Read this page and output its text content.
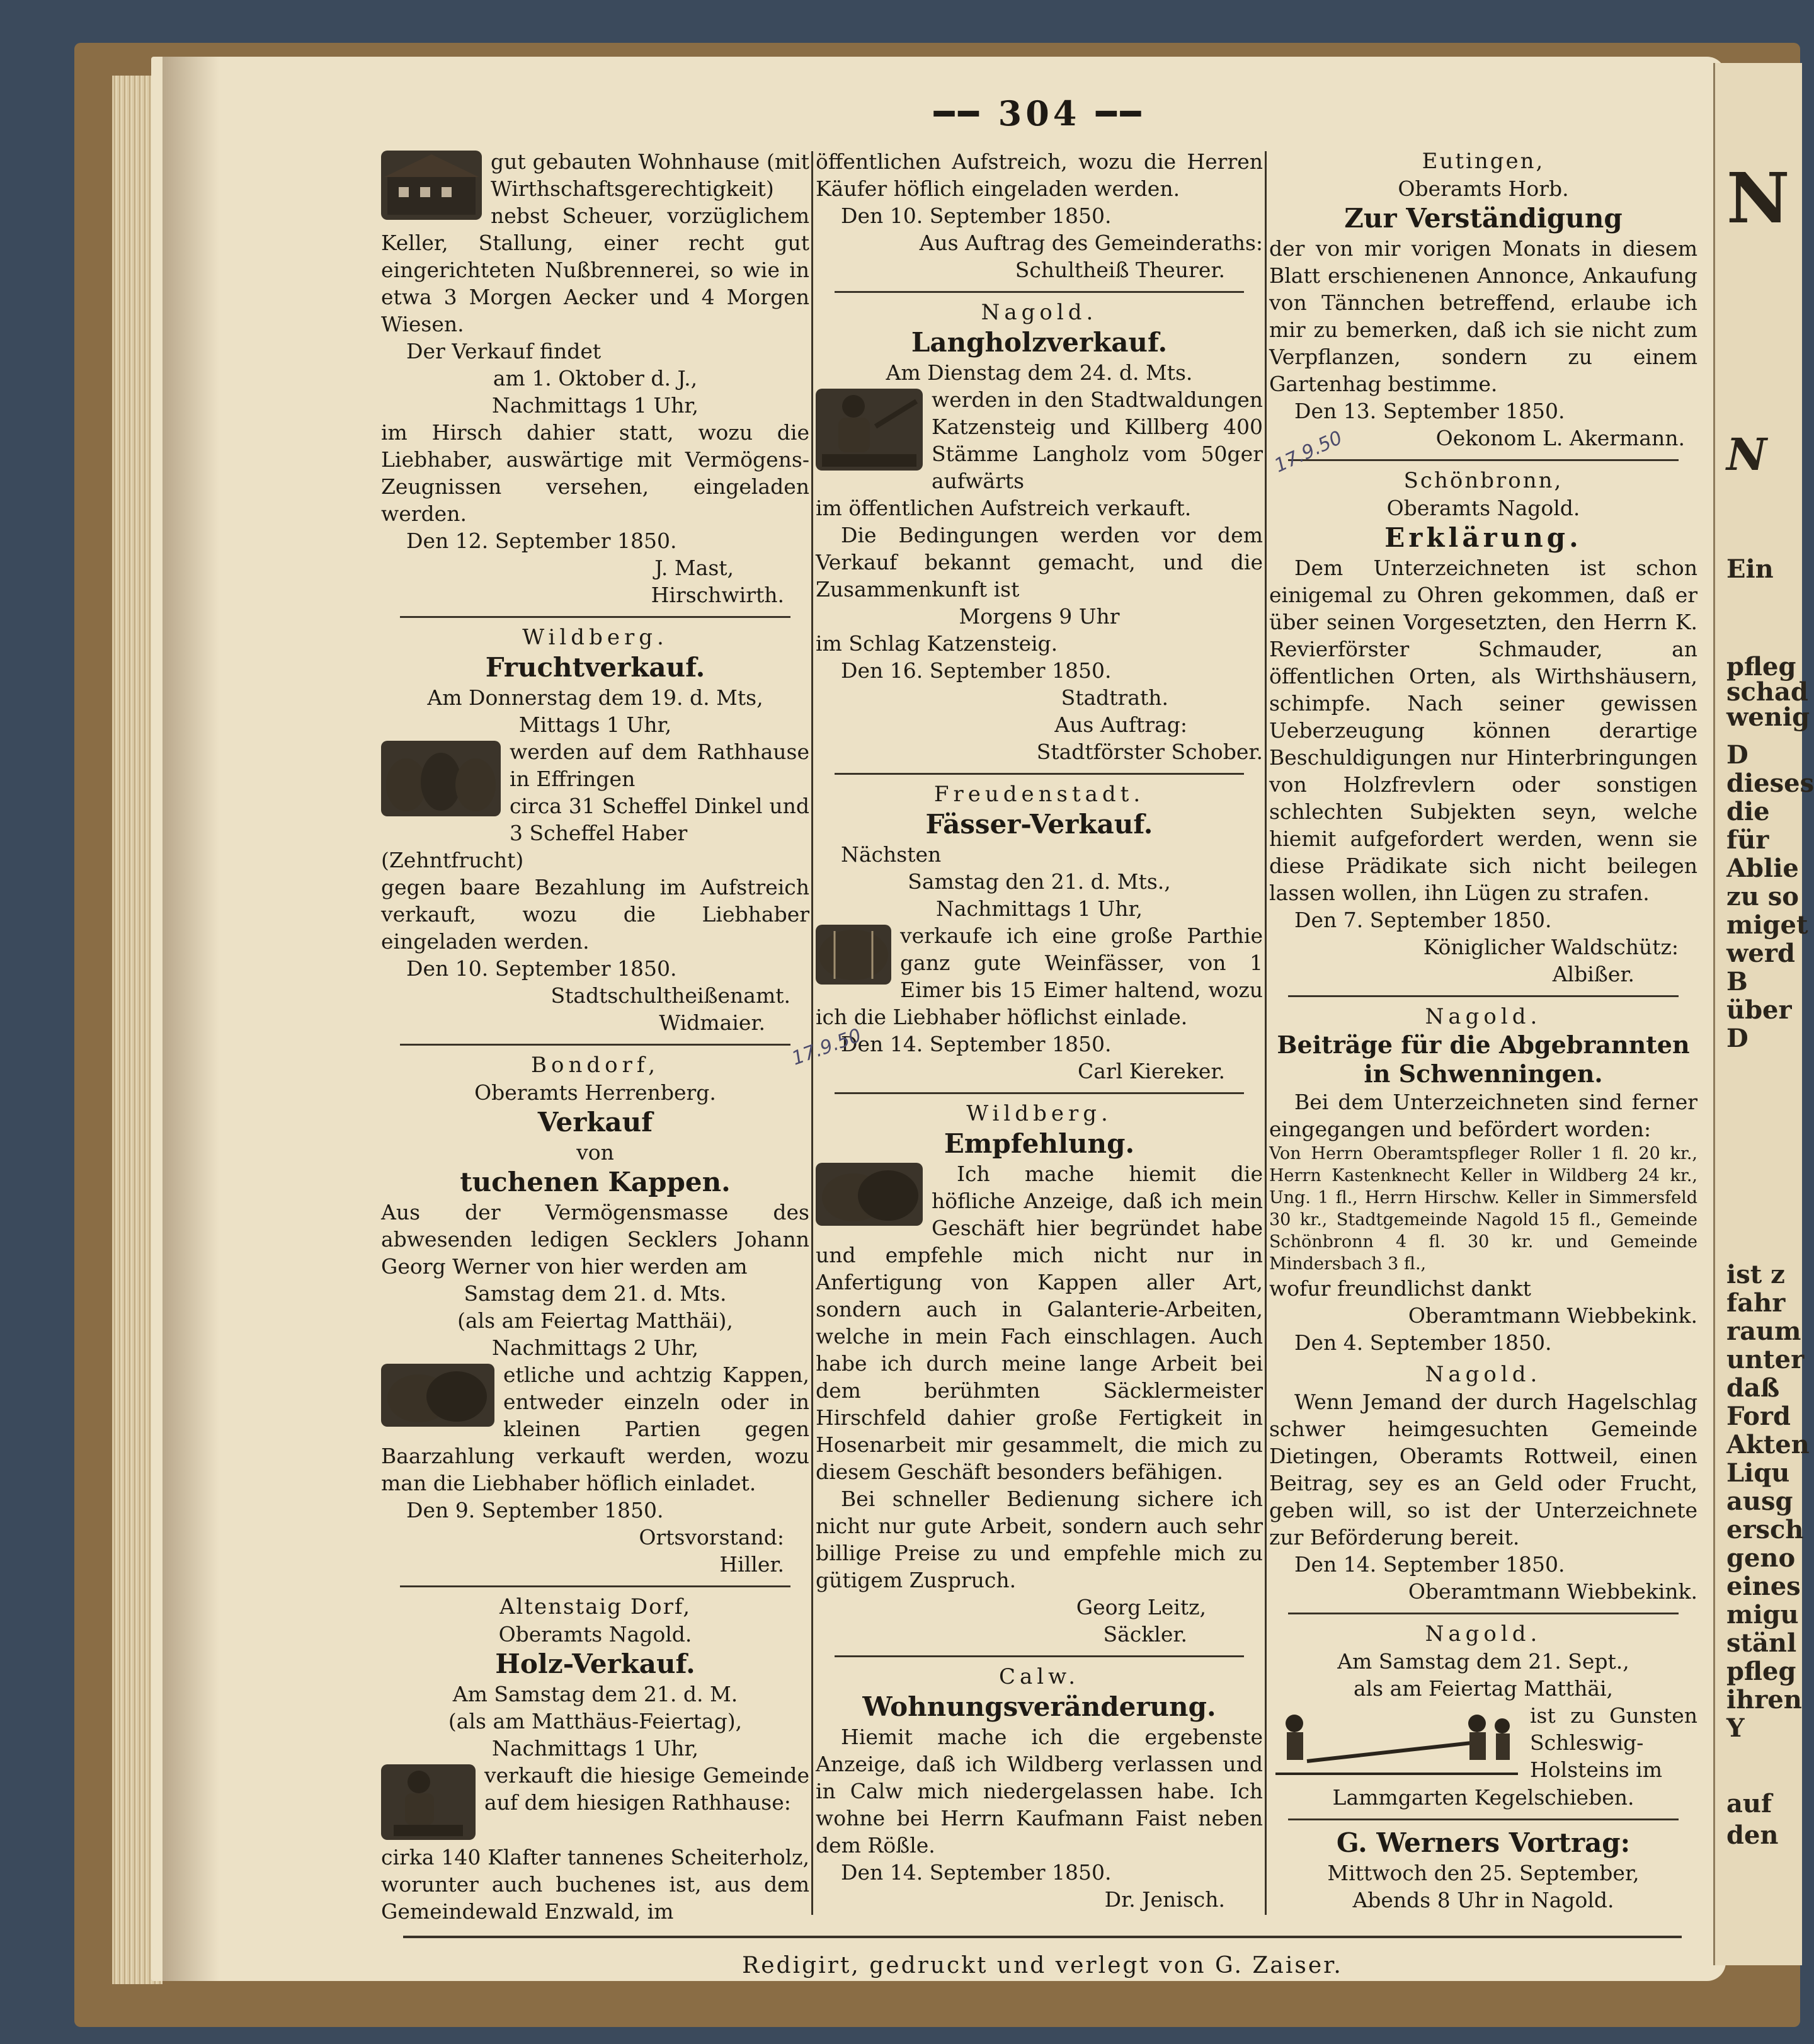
N
N
Ein
pfleg
schad
wenig
D
dieses
die
für
Ablie
zu so
miget
werd
B
über
D
ist z
fahr
raum
unter
daß
Ford
Akten
Liqu
ausg
ersch
geno
eines
migu
stänl
pfleg
ihren
Y
auf
den
━━ 304 ━━

gut gebauten Wohnhause (mit Wirthschaftsgerechtigkeit) nebst Scheuer, vorzüglichem Keller, Stallung, einer recht gut eingerichteten Nußbrennerei, so wie in etwa 3 Morgen Aecker und 4 Morgen Wiesen.

Der Verkauf findet

am 1. Oktober d. J.,

Nachmittags 1 Uhr,

im Hirsch dahier statt, wozu die Liebhaber, auswärtige mit Vermögens-Zeugnissen versehen, eingeladen werden.

Den 12. September 1850.

J. Mast,

Hirschwirth.

Wildberg.

Fruchtverkauf.

Am Donnerstag dem 19. d. Mts,

Mittags 1 Uhr,

werden auf dem Rathhause in Effringen

circa 31 Scheffel Dinkel und 3 Scheffel Haber

(Zehntfrucht)

gegen baare Bezahlung im Aufstreich verkauft, wozu die Liebhaber eingeladen werden.

Den 10. September 1850.

Stadtschultheißenamt.

Widmaier.

Bondorf,

Oberamts Herrenberg.

Verkauf

von

tuchenen Kappen.

Aus der Vermögensmasse des abwesenden ledigen Secklers Johann Georg Werner von hier werden am

Samstag dem 21. d. Mts.

(als am Feiertag Matthäi),

Nachmittags 2 Uhr,

etliche und achtzig Kappen, entweder einzeln oder in kleinen Partien gegen Baarzahlung verkauft werden, wozu man die Liebhaber höflich einladet.

Den 9. September 1850.

Ortsvorstand:

Hiller.

Altenstaig Dorf,

Oberamts Nagold.

Holz-Verkauf.

Am Samstag dem 21. d. M.

(als am Matthäus-Feiertag),

Nachmittags 1 Uhr,

verkauft die hiesige Gemeinde auf dem hiesigen Rathhause:

cirka 140 Klafter tannenes Scheiterholz, worunter auch buchenes ist, aus dem Gemeindewald Enzwald, im

öffentlichen Aufstreich, wozu die Herren Käufer höflich eingeladen werden.

Den 10. September 1850.

Aus Auftrag des Gemeinderaths:

Schultheiß Theurer.

Nagold.

Langholzverkauf.

Am Dienstag dem 24. d. Mts.

werden in den Stadtwaldungen Katzensteig und Killberg 400 Stämme Langholz vom 50ger aufwärts

im öffentlichen Aufstreich verkauft.

Die Bedingungen werden vor dem Verkauf bekannt gemacht, und die Zusammenkunft ist

Morgens 9 Uhr

im Schlag Katzensteig.

Den 16. September 1850.

Stadtrath.

Aus Auftrag:

Stadtförster Schober.

Freudenstadt.

Fässer-Verkauf.

Nächsten

Samstag den 21. d. Mts.,

Nachmittags 1 Uhr,

verkaufe ich eine große Parthie ganz gute Weinfässer, von 1 Eimer bis 15 Eimer haltend, wozu ich die Liebhaber höflichst einlade.

Den 14. September 1850.

Carl Kiereker.

Wildberg.

Empfehlung.

Ich mache hiemit die höfliche Anzeige, daß ich mein Geschäft hier begründet habe und empfehle mich nicht nur in Anfertigung von Kappen aller Art, sondern auch in Galanterie-Arbeiten, welche in mein Fach einschlagen. Auch habe ich durch meine lange Arbeit bei dem berühmten Säcklermeister Hirschfeld dahier große Fertigkeit in Hosenarbeit mir gesammelt, die mich zu diesem Geschäft besonders befähigen.

Bei schneller Bedienung sichere ich nicht nur gute Arbeit, sondern auch sehr billige Preise zu und empfehle mich zu gütigem Zuspruch.

Georg Leitz,

Säckler.

Calw.

Wohnungsveränderung.

Hiemit mache ich die ergebenste Anzeige, daß ich Wildberg verlassen und in Calw mich niedergelassen habe. Ich wohne bei Herrn Kaufmann Faist neben dem Rößle.

Den 14. September 1850.

Dr. Jenisch.

Eutingen,

Oberamts Horb.

Zur Verständigung

der von mir vorigen Monats in diesem Blatt erschienenen Annonce, Ankaufung von Tännchen betreffend, erlaube ich mir zu bemerken, daß ich sie nicht zum Verpflanzen, sondern zu einem Gartenhag bestimme.

Den 13. September 1850.

Oekonom L. Akermann.

Schönbronn,

Oberamts Nagold.

Erklärung.

Dem Unterzeichneten ist schon einigemal zu Ohren gekommen, daß er über seinen Vorgesetzten, den Herrn K. Revierförster Schmauder, an öffentlichen Orten, als Wirthshäusern, schimpfe. Nach seiner gewissen Ueberzeugung können derartige Beschuldigungen nur Hinterbringungen von Holzfrevlern oder sonstigen schlechten Subjekten seyn, welche hiemit aufgefordert werden, wenn sie diese Prädikate sich nicht beilegen lassen wollen, ihn Lügen zu strafen.

Den 7. September 1850.

Königlicher Waldschütz:

Albißer.

Nagold.

Beiträge für die Abgebrannten in Schwenningen.

Bei dem Unterzeichneten sind ferner eingegangen und befördert worden:

Von Herrn Oberamtspfleger Roller 1 fl. 20 kr., Herrn Kastenknecht Keller in Wildberg 24 kr., Ung. 1 fl., Herrn Hirschw. Keller in Simmersfeld 30 kr., Stadtgemeinde Nagold 15 fl., Gemeinde Schönbronn 4 fl. 30 kr. und Gemeinde Mindersbach 3 fl.,

wofur freundlichst dankt

Oberamtmann Wiebbekink.

Den 4. September 1850.

Nagold.

Wenn Jemand der durch Hagelschlag schwer heimgesuchten Gemeinde Dietingen, Oberamts Rottweil, einen Beitrag, sey es an Geld oder Frucht, geben will, so ist der Unterzeichnete zur Beförderung bereit.

Den 14. September 1850.

Oberamtmann Wiebbekink.

Nagold.

Am Samstag dem 21. Sept.,

als am Feiertag Matthäi,

ist zu Gunsten Schleswig-Holsteins im

Lammgarten Kegelschieben.

G. Werners Vortrag:

Mittwoch den 25. September,

Abends 8 Uhr in Nagold.

Redigirt, gedruckt und verlegt von G. Zaiser.
17.9.50
17.9.50
